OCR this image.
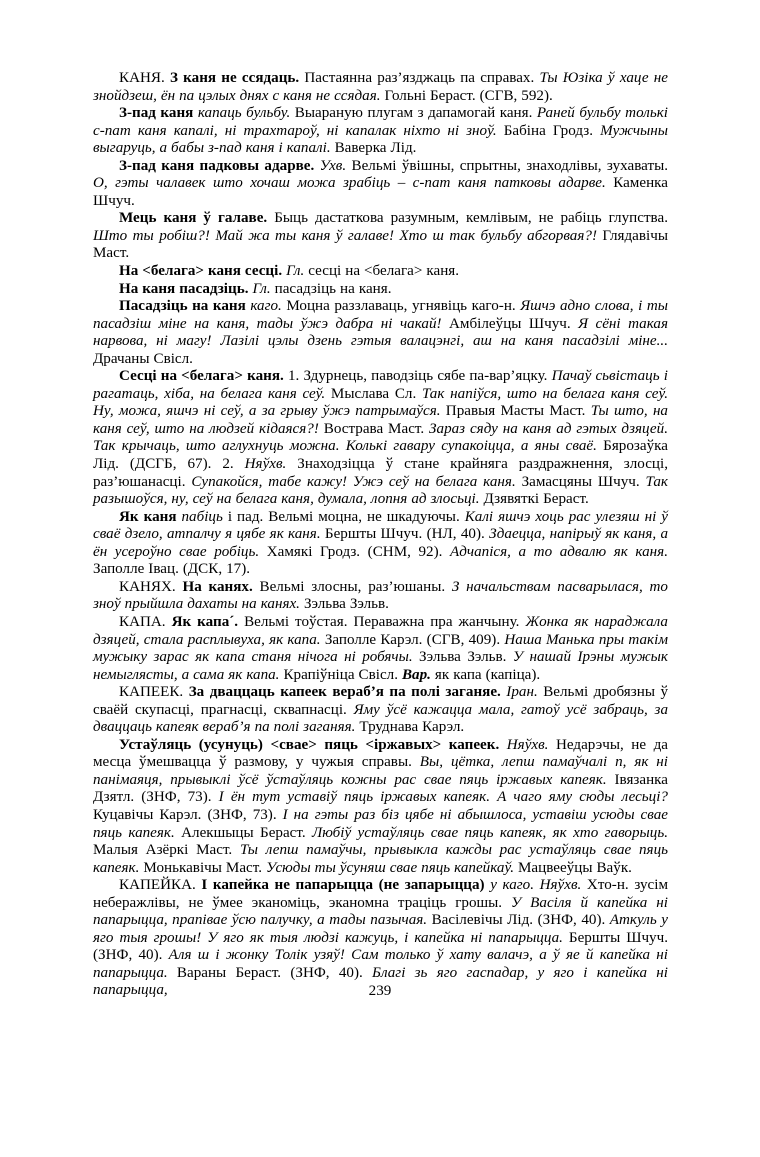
КАНЯ. З каня не ссядаць. Пастаянна раз’язджаць па справах. Ты Юзіка ў хаце не знойдзеш, ён па цэлых днях с каня не ссядая. Гольні Бераст. (СГВ, 592).

З-пад каня капаць бульбу. Выараную плугам з дапамогай каня. Раней бульбу толькі с-пат каня капалі, ні трахтароў, ні капалак ніхто ні зноў. Бабіна Гродз. Мужчыны выгаруць, а бабы з-пад каня і капалі. Ваверка Лід.

З-пад каня падковы адарве. Ухв. Вельмі ўвішны, спрытны, знаходлівы, зухаваты. О, гэты чалавек што хочаш можа зрабіць – с-пат каня патковы адарве. Каменка Шчуч.

Мець каня ў галаве. Быць дастаткова разумным, кемлівым, не рабіць глупства. Што ты робіш?! Май жа ты каня ў галаве! Хто ш так бульбу абгорвая?! Глядавічы Маст.

На <белага> каня сесці. Гл. сесці на <белага> каня.

На каня пасадзіць. Гл. пасадзіць на каня.

Пасадзіць на каня каго. Моцна раззлаваць, угнявіць каго-н. Яшчэ адно слова, і ты пасадзіш міне на каня, тады ўжэ дабра ні чакай! Амбілеўцы Шчуч. Я сёні такая нарвова, ні магу! Лазілі цэлы дзень гэтыя валацэнгі, аш на каня пасадзілі міне... Драчаны Свісл.

Сесці на <белага> каня. 1. Здурнець, паводзіць сябе па-вар’яцку. Пачаў сьвістаць і рагатаць, хіба, на белага каня сеў. Мыслава Сл. Так напіўся, што на белага каня сеў. Ну, можа, яшчэ ні сеў, а за грыву ўжэ патрымаўся. Правыя Масты Маст. Ты што, на каня сеў, што на людзей кідаяся?! Вострава Маст. Зараз сяду на каня ад гэтых дзяцей. Так крычаць, што аглухнуць можна. Колькі гавару супакоіцца, а яны сваё. Бярозаўка Лід. (ДСГБ, 67). 2. Няўхв. Знаходзіцца ў стане крайняга раздражнення, злосці, раз’юшанасці. Супакойся, табе кажу! Ужэ сеў на белага каня. Замасцяны Шчуч. Так разышоўся, ну, сеў на белага каня, думала, лопня ад злосьці. Дзявяткі Бераст.

Як каня пабіць і пад. Вельмі моцна, не шкадуючы. Калі яшчэ хоць рас улезяш ні ў сваё дзело, атпалчу я цябе як каня. Бершты Шчуч. (НЛ, 40). Здаецца, напірыў як каня, а ён усероўно свае робіць. Хамякі Гродз. (СНМ, 92). Адчапіся, а то адвалю як каня. Заполле Івац. (ДСК, 17).

КАНЯХ. На канях. Вельмі злосны, раз’юшаны. З начальствам пасварылася, то зноў прыйшла дахаты на канях. Зэльва Зэльв.

КАПА. Як капа´. Вельмі тоўстая. Пераважна пра жанчыну. Жонка як нараджала дзяцей, стала расплывуха, як капа. Заполле Карэл. (СГВ, 409). Наша Манька пры такім мужыку зарас як капа станя нічога ні робячы. Зэльва Зэльв. У нашай Ірэны мужык немыглясты, а сама як капа. Крапіўніца Свісл. Вар. як капа (капіца).

КАПЕЕК. За дваццаць капеек вераб’я па полі заганяе. Іран. Вельмі дробязны ў сваёй скупасці, прагнасці, сквапнасці. Яму ўсё кажацца мала, гатоў усё забраць, за дваццаць капеяк вераб’я па полі заганяя. Труднава Карэл.

Устаўляць (усунуць) <свае> пяць <іржавых> капеек. Няўхв. Недарэчы, не да месца ўмешвацца ў размову, у чужыя справы. Вы, цётка, лепш памаўчалі п, як ні панімаяця, прывыклі ўсё ўстаўляць кожны рас свае пяць іржавых капеяк. Івязанка Дзятл. (ЗНФ, 73). І ён тут уставіў пяць іржавых капеяк. А чаго яму сюды лесьці? Куцавічы Карэл. (ЗНФ, 73). І на гэты раз біз цябе ні абышлоса, уставіш усюды свае пяць капеяк. Алекшыцы Бераст. Любіў устаўляць свае пяць капеяк, як хто гаворыць. Малыя Азёркі Маст. Ты лепш памаўчы, прывыкла кажды рас устаўляць свае пяць капеяк. Монькавічы Маст. Усюды ты ўсуняш свае пяць капейкаў. Мацвееўцы Ваўк.

КАПЕЙКА. І капейка не папарыцца (не запарыцца) у каго. Няўхв. Хто-н. зусім неберажлівы, не ўмее эканоміць, эканомна траціць грошы. У Васіля й капейка ні папарыцца, прапівае ўсю палучку, а тады пазычая. Васілевічы Лід. (ЗНФ, 40). Аткуль у яго тыя грошы! У яго як тыя людзі кажуць, і капейка ні папарыцца. Бершты Шчуч. (ЗНФ, 40). Аля ш і жонку Толік узяў! Сам только ў хату валачэ, а ў яе й капейка ні папарыцца. Вараны Бераст. (ЗНФ, 40). Благі зь яго гаспадар, у яго і капейка ні папарыцца,	239
